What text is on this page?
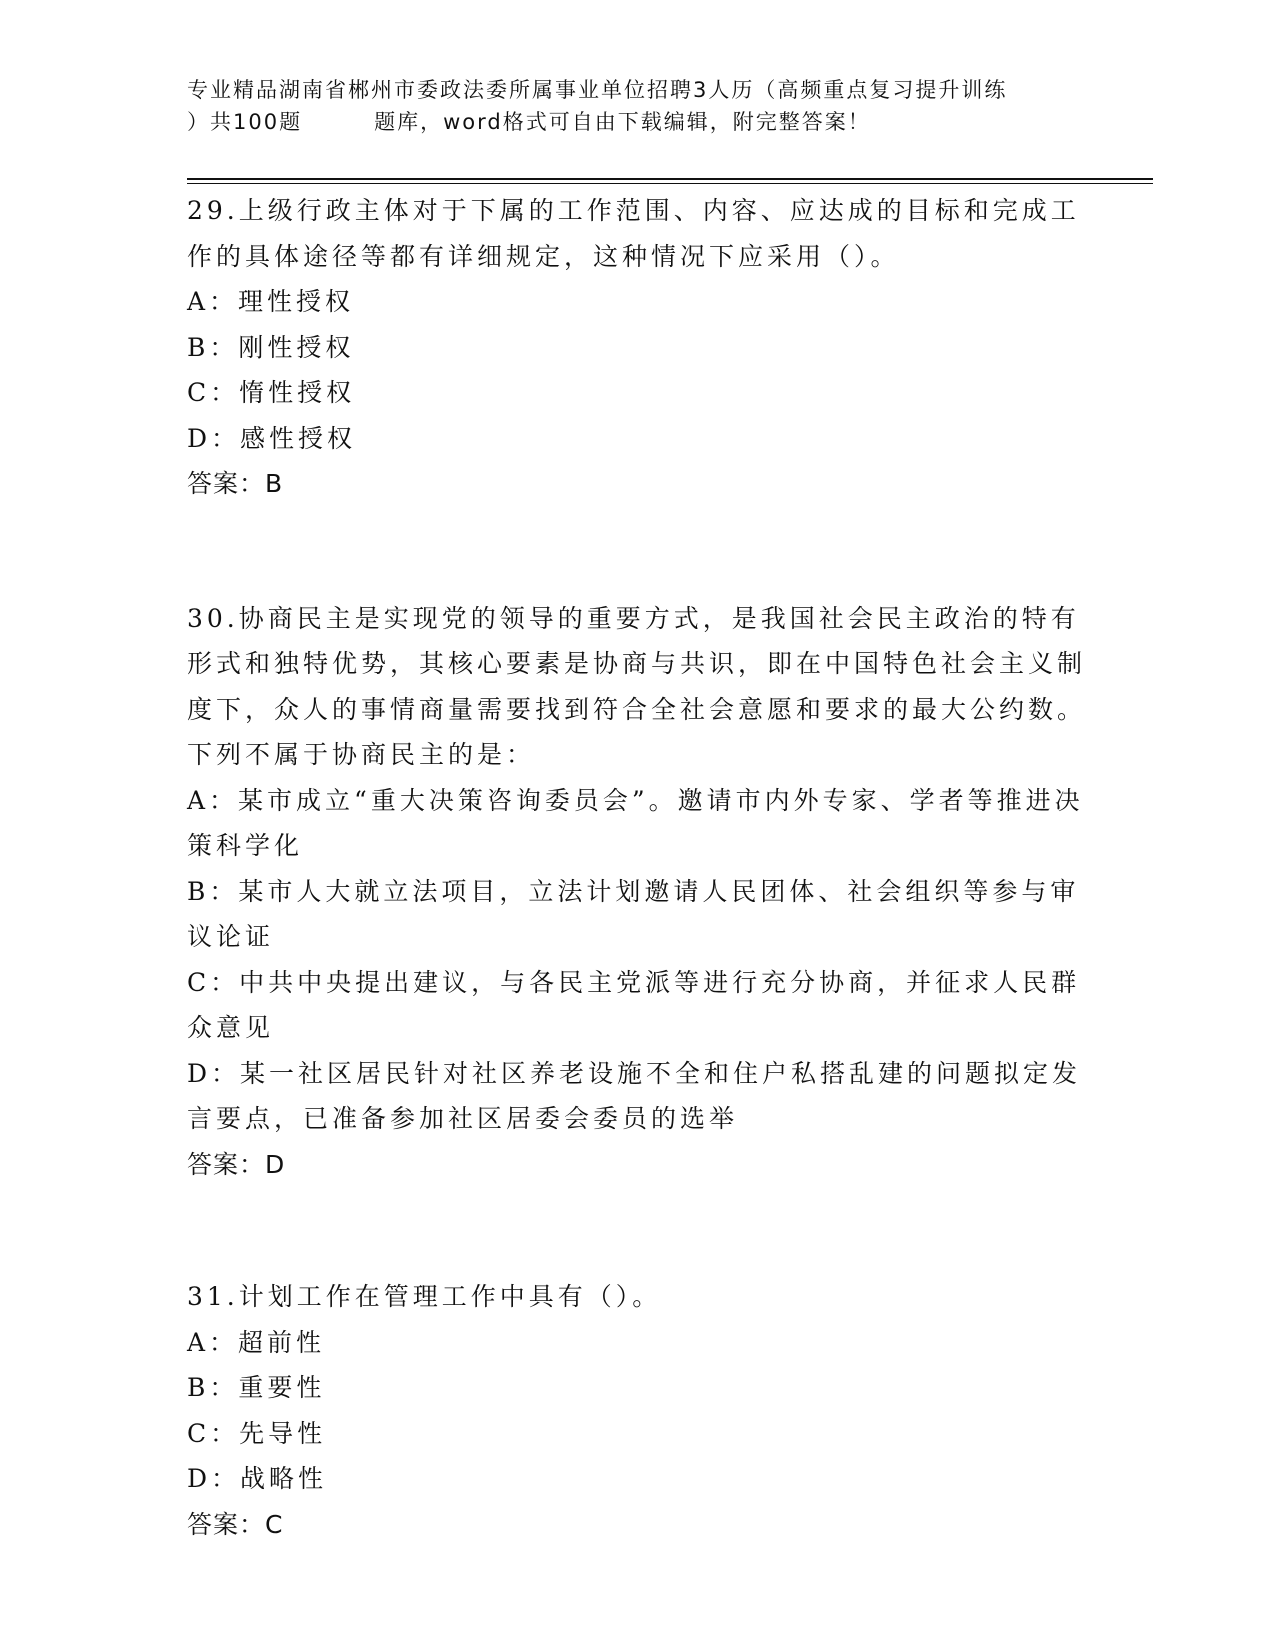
专业精品湖南省郴州市委政法委所属事业单位招聘3人历（高频重点复习提升训练
）共100题	题库，word格式可自由下载编辑，附完整答案！

29.上级行政主体对于下属的工作范围、内容、应达成的目标和完成工作的具体途径等都有详细规定，这种情况下应采用（）。

A：理性授权

B：刚性授权

C：惰性授权

D：感性授权

答案：B

30.协商民主是实现党的领导的重要方式，是我国社会民主政治的特有形式和独特优势，其核心要素是协商与共识，即在中国特色社会主义制度下，众人的事情商量需要找到符合全社会意愿和要求的最大公约数。下列不属于协商民主的是：

A：某市成立“重大决策咨询委员会”。邀请市内外专家、学者等推进决策科学化

B：某市人大就立法项目，立法计划邀请人民团体、社会组织等参与审议论证

C：中共中央提出建议，与各民主党派等进行充分协商，并征求人民群众意见

D：某一社区居民针对社区养老设施不全和住户私搭乱建的问题拟定发言要点，已准备参加社区居委会委员的选举

答案：D

31.计划工作在管理工作中具有（）。

A：超前性

B：重要性

C：先导性

D：战略性

答案：C
